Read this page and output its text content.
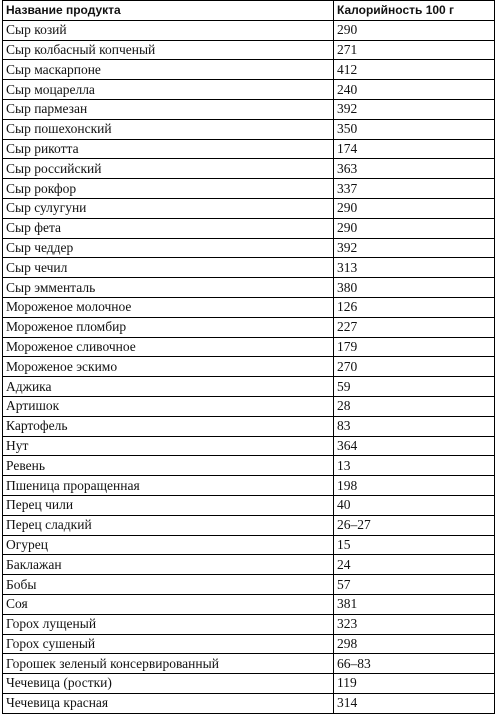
Название продукта	Калорийность 100 г
Сыр козий	290
Сыр колбасный копченый	271
Сыр маскарпоне	412
Сыр моцарелла	240
Сыр пармезан	392
Сыр пошехонский	350
Сыр рикотта	174
Сыр российский	363
Сыр рокфор	337
Сыр сулугуни	290
Сыр фета	290
Сыр чеддер	392
Сыр чечил	313
Сыр эмменталь	380
Мороженое молочное	126
Мороженое пломбир	227
Мороженое сливочное	179
Мороженое эскимо	270
Аджика	59
Артишок	28
Картофель	83
Нут	364
Ревень	13
Пшеница проращенная	198
Перец чили	40
Перец сладкий	26–27
Огурец	15
Баклажан	24
Бобы	57
Соя	381
Горох лущеный	323
Горох сушеный	298
Горошек зеленый консервированный	66–83
Чечевица (ростки)	119
Чечевица красная	314
